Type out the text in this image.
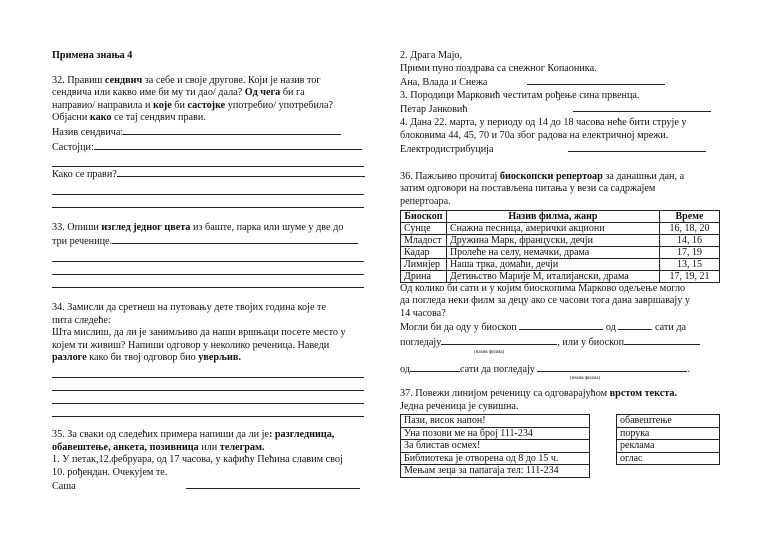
Примена знања 4
32. Правиш сендвич за себе и своје другове. Који је назив тог
сендвича или какво име би му ти дао/ дала? Од чега би га
направио/ направила и које би састојке употребио/ употребила?
Објасни како се тај сендвич прави.
Назив сендвича:
Састојци:
Како се прави?
33. Опиши изглед једног цвета из баште, парка или шуме у две до
три реченице.
34. Замисли да сретнеш на путовању дете твојих година које те
пита следеће:
Шта мислиш, да ли је занимљиво да наши вршњаци посете место у
којем ти живиш? Напиши одговор у неколико реченица. Наведи
разлоге како би твој одговор био уверљив.
35. За сваки од следећих примера напиши да ли је: разгледница,
обавештење, анкета, позивница или телеграм.
1. У петак,12.фебруара, од 17 часова, у кафићу Пећина славим свој
10. рођендан. Очекујем те.
Саша
2. Драга Мајо,
Прими пуно поздрава са снежног Копаоника.
Ана, Влада и Снежа
3. Породици Марковић честитам рођење сина првенца.
Петар Јанковић
4. Дана 22. марта, у периоду од 14 до 18 часова неће бити струје у
блоковима 44, 45, 70 и 70а због радова на електричној мрежи.
Електродистрибуција
36. Пажљиво прочитај биоскопски репертоар за данашњи дан, а
затим одговори на постављена питања у вези са садржајем
репертоара.
Биоскоп	Назив филма, жанр	Време
Сунце	Снажна песница, амерички акциони	16, 18, 20
Младост	Дружина Марк, француски, дечји	14, 16
Кадар	Пролеће на селу, немачки, драма	17, 19
Лимијер	Наша трка, домаћи, дечји	13, 15
Дрина	Детињство Марије М, италијански, драма	17, 19, 21
Од колико би сати и у којим биоскопима Марково одељење могло
да погледа неки филм за децу ако се часови тога дана завршавају у
14 часова?
Могли би да оду у биоскоп	од	сати да
погледају	, или у биоскоп
(назив филма)
од	сати да погледају	.
(назив филма)
37. Повежи линијом реченицу са одговарајућом врстом текста.
Једна реченица је сувишна.
Пази, висок напон!
Уна позови ме на број 111-234
За блистав осмех!
Библиотека је отворена од 8 до 15 ч.
Мењам зеца за папагаја тел: 111-234
обавештење
порука
реклама
оглас
